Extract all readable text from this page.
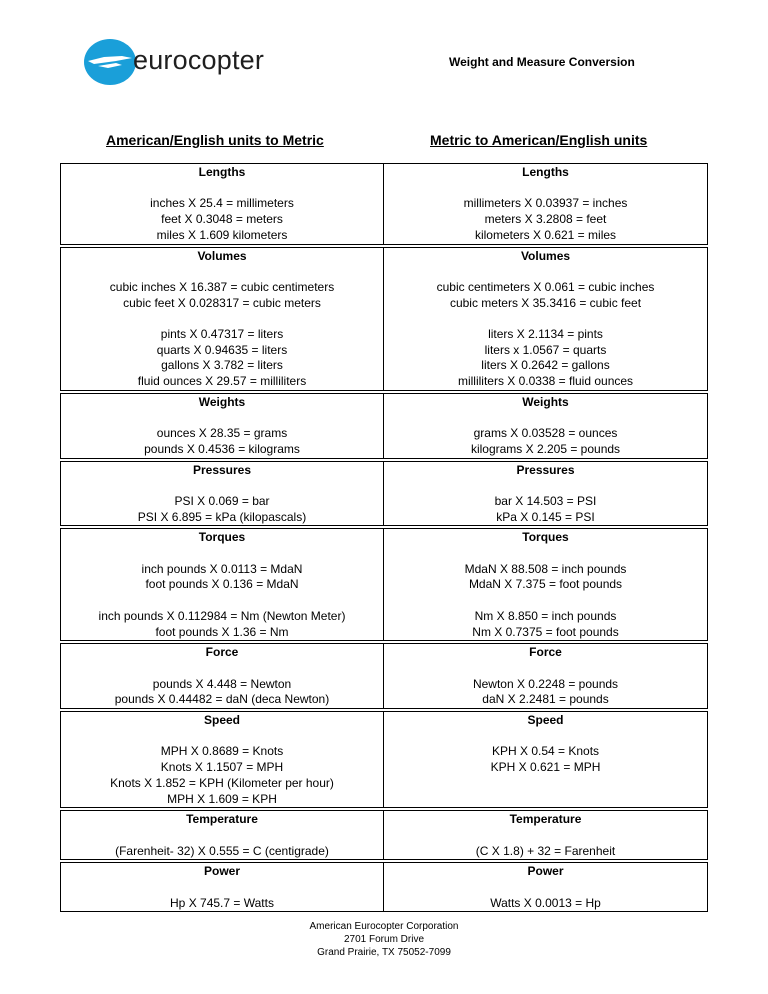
eurocopter	Weight and Measure Conversion
American/English units to Metric	Metric to American/English units
Lengths
inches X 25.4 = millimeters
feet X 0.3048 = meters
miles X 1.609 kilometers
Lengths
millimeters X 0.03937 = inches
meters X 3.2808 = feet
kilometers X 0.621 = miles
Volumes
cubic inches X 16.387 = cubic centimeters
cubic feet X 0.028317 = cubic meters
pints X 0.47317 = liters
quarts X 0.94635 = liters
gallons X 3.782 = liters
fluid ounces X 29.57 = milliliters
Volumes
cubic centimeters X 0.061 = cubic inches
cubic meters X 35.3416 = cubic feet
liters X 2.1134 = pints
liters x 1.0567 = quarts
liters X 0.2642 = gallons
milliliters X 0.0338 = fluid ounces
Weights
ounces X 28.35 = grams
pounds X 0.4536 = kilograms
Weights
grams X 0.03528 = ounces
kilograms X 2.205 = pounds
Pressures
PSI X 0.069 = bar
PSI X 6.895 = kPa (kilopascals)
Pressures
bar X 14.503 = PSI
kPa X 0.145 = PSI
Torques
inch pounds X 0.0113 = MdaN
foot pounds X 0.136 = MdaN
inch pounds X 0.112984 = Nm (Newton Meter)
foot pounds X 1.36 = Nm
Torques
MdaN X 88.508 = inch pounds
MdaN X 7.375 = foot pounds
Nm X 8.850 = inch pounds
Nm X 0.7375 = foot pounds
Force
pounds X 4.448 = Newton
pounds X 0.44482 = daN (deca Newton)
Force
Newton X 0.2248 = pounds
daN X 2.2481 = pounds
Speed
MPH X 0.8689 = Knots
Knots X 1.1507 = MPH
Knots X 1.852 = KPH (Kilometer per hour)
MPH X 1.609 = KPH
Speed
KPH X 0.54 = Knots
KPH X 0.621 = MPH
Temperature
(Farenheit- 32) X 0.555 = C (centigrade)
Temperature
(C X 1.8) + 32 = Farenheit
Power
Hp X 745.7 = Watts
Power
Watts X 0.0013 = Hp
American Eurocopter Corporation
2701 Forum Drive
Grand Prairie, TX 75052-7099
